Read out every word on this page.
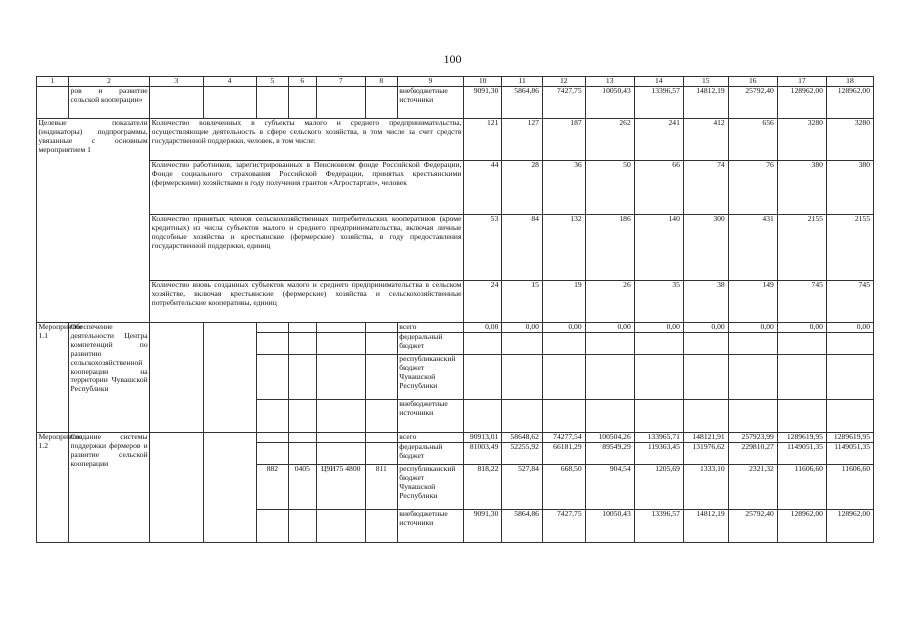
100
1	2	3	4	5	6	7	8	9	10	11	12	13	14	15	16	17	18
	ров и развитие сельской кооперации»							внебюджетные источники	9091,30	5864,86	7427,75	10050,43	13396,57	14812,19	25792,40	128962,00	128962,00
Целевые показатели (индикаторы) подпрограммы, увязанные с основным мероприятием 1		Количество вовлеченных в субъекты малого и среднего предпринимательства, осуществляющие деятельность в сфере сельского хозяйства, в том числе за счет средств государственной поддержки, человек, в том числе:							121	127	187	262	241	412	656	3280	3280
		Количество работников, зарегистрированных в Пенсионном фонде Российской Федерации, Фонде социального страхования Российской Федерации, принятых крестьянскими (фермерскими) хозяйствами в году получения грантов «Агростартап», человек							44	28	36	50	66	74	76	380	380
		Количество принятых членов сельскохозяйственных потребительских кооперативов (кроме кредитных) из числа субъектов малого и среднего предпринимательства, включая личные подсобные хозяйства и крестьянские (фермерские) хозяйства, в году предоставления государственной поддержки, единиц							53	84	132	186	140	300	431	2155	2155
		Количество вновь созданных субъектов малого и среднего предпринимательства в сельском хозяйстве, включая крестьянские (фермерские) хозяйства и сельскохозяйственные потребительские кооперативы, единиц							24	15	19	26	35	38	149	745	745
Мероприятие 1.1	Обеспечение деятельности Центра компетенций по развитию сельскохозяйственной кооперации на территории Чувашской Республики							всего	0,00	0,00	0,00	0,00	0,00	0,00	0,00	0,00	0,00
								федеральный бюджет									
								республиканский бюджет Чувашской Республики									
								внебюджетные источники									
Мероприятие 1.2	Создание системы поддержки фермеров и развитие сельской кооперации							всего	90913,01	58648,62	74277,54	100504,26	133965,71	148121,91	257923,99	1289619,95	1289619,95
								федеральный бюджет	81003,49	52255,92	66181,29	89549,29	119363,45	131976,62	229810,27	1149051,35	1149051,35
				882	0405	Ц9И75 4800	811	республиканский бюджет Чувашской Республики	818,22	527,84	668,50	904,54	1205,69	1333,10	2321,32	11606,60	11606,60
								внебюджетные источники	9091,30	5864,86	7427,75	10050,43	13396,57	14812,19	25792,40	128962,00	128962,00
